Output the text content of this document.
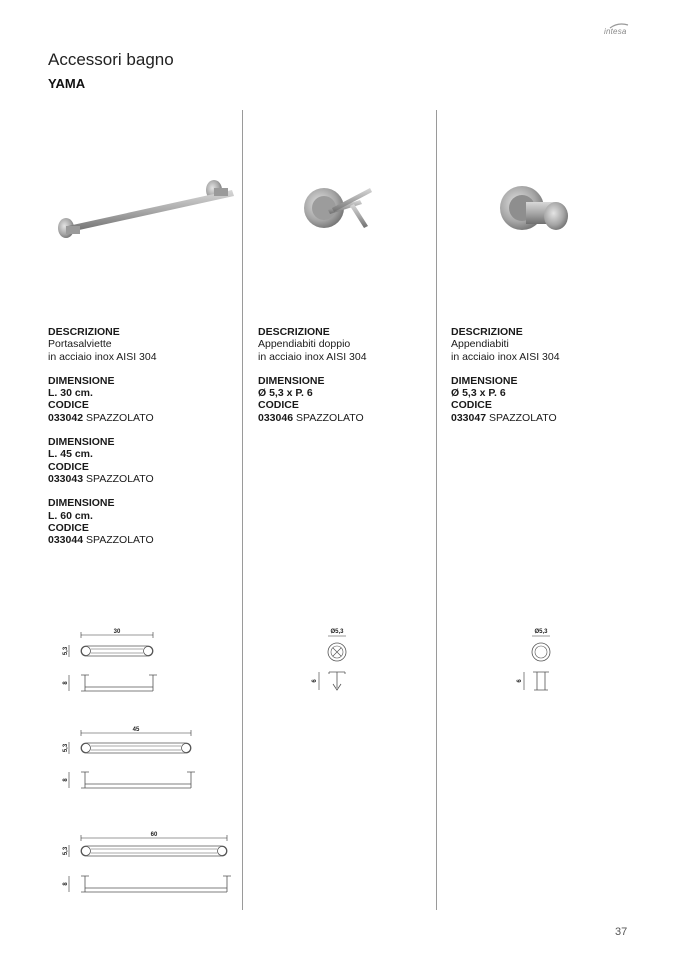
intesa
Accessori bagno
YAMA
DESCRIZIONE
Portasalviette
in acciaio inox AISI 304
DIMENSIONE
L. 30 cm.
CODICE
033042 SPAZZOLATO
DIMENSIONE
L. 45 cm.
CODICE
033043 SPAZZOLATO
DIMENSIONE
L. 60 cm.
CODICE
033044 SPAZZOLATO
DESCRIZIONE
Appendiabiti doppio
in acciaio inox AISI 304
DIMENSIONE
Ø 5,3 x P. 6
CODICE
033046 SPAZZOLATO
DESCRIZIONE
Appendiabiti
in acciaio inox AISI 304
DIMENSIONE
Ø 5,3 x P. 6
CODICE
033047 SPAZZOLATO
30
5,3
8
45
5,3
8
60
5,3
8
Ø5,3
6
Ø5,3
6
37
